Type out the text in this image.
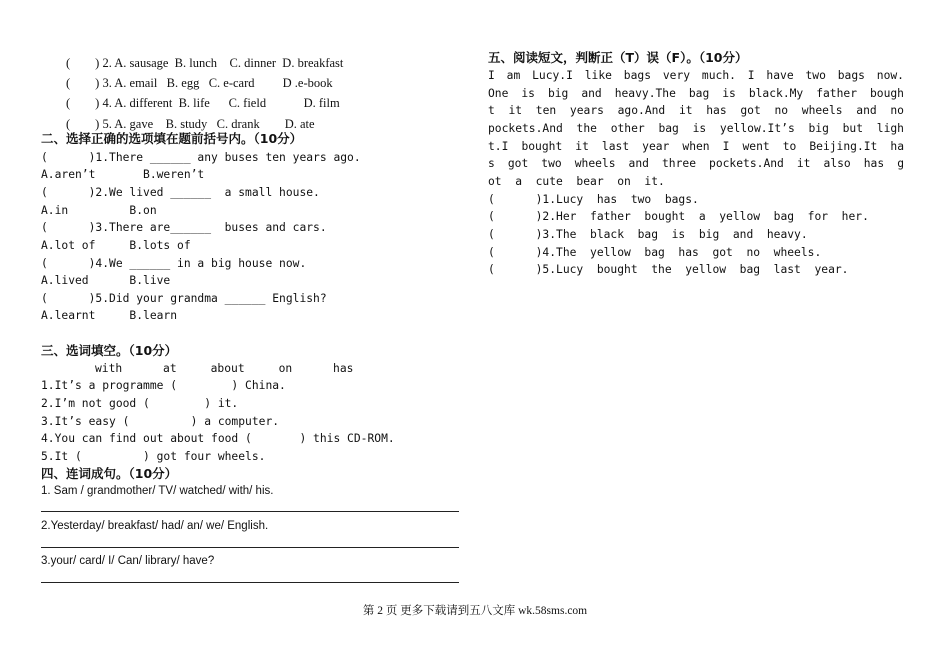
(        ) 2. A. sausage  B. lunch    C. dinner  D. breakfast
(        ) 3. A. email   B. egg   C. e-card         D .e-book
(        ) 4. A. different  B. life      C. field            D. film
(        ) 5. A. gave    B. study   C. drank        D. ate
二、选择正确的选项填在题前括号内。（10分）
(      )1.There ______ any buses ten years ago.
A.aren’t       B.weren’t
(      )2.We lived ______  a small house.
A.in         B.on
(      )3.There are______  buses and cars.
A.lot of     B.lots of
(      )4.We ______ in a big house now.
A.lived      B.live
(      )5.Did your grandma ______ English?
A.learnt     B.learn
三、选词填空。（10分）
with      at     about     on      has
1.It’s a programme (        ) China.
2.I’m not good (        ) it.
3.It’s easy (         ) a computer.
4.You can find out about food (       ) this CD-ROM.
5.It (         ) got four wheels.
四、连词成句。（10分）
1. Sam / grandmother/ TV/ watched/ with/ his.
2.Yesterday/ breakfast/ had/ an/ we/ English.
3.your/ card/ I/ Can/ library/ have?
五、阅读短文，判断正（T）误（F）。（10分）
I am Lucy.I like bags very much. I have two bags now.
One is big and heavy.The bag is black.My father bough
t it ten years ago.And it has got no wheels and no
pockets.And the other bag is yellow.It’s big but ligh
t.I bought it last year when I went to Beijing.It ha
s got two wheels and three pockets.And it also has g
ot  a  cute  bear  on  it.
(      )1.Lucy  has  two  bags.
(      )2.Her  father  bought  a  yellow  bag  for  her.
(      )3.The  black  bag  is  big  and  heavy.
(      )4.The  yellow  bag  has  got  no  wheels.
(      )5.Lucy  bought  the  yellow  bag  last  year.
第 2 页 更多下载请到五八文库 wk.58sms.com
